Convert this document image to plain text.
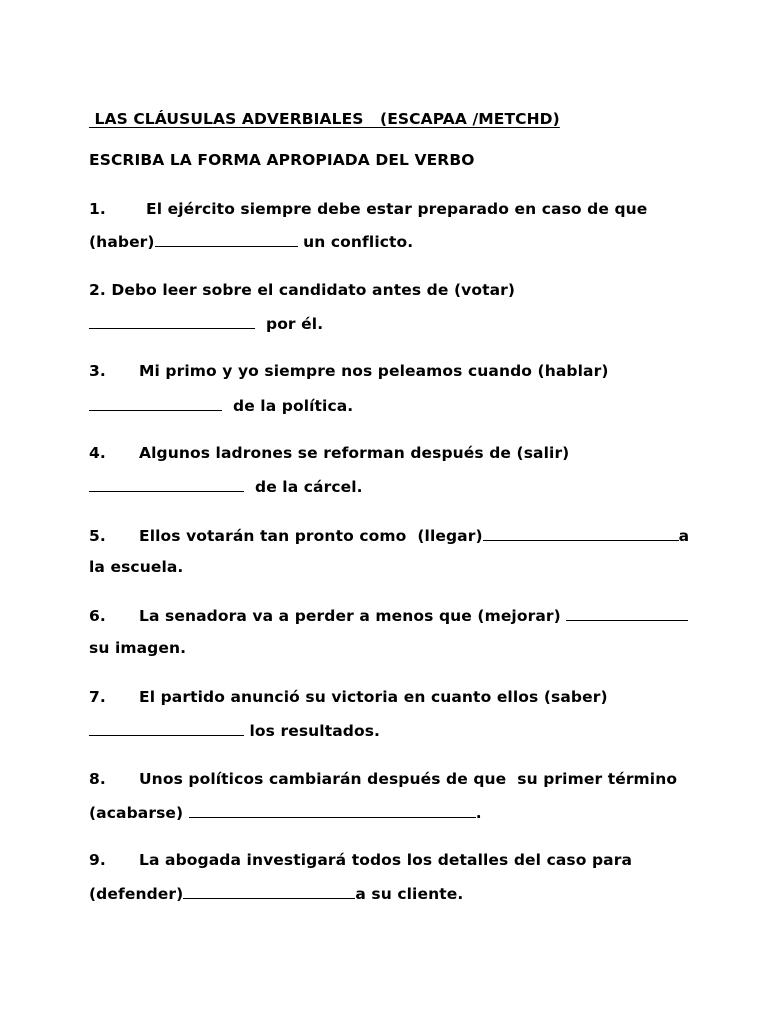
LAS CLÁUSULAS ADVERBIALES   (ESCAPAA /METCHD)
ESCRIBA LA FORMA APROPIADA DEL VERBO
1.	El ejército siempre debe estar preparado en caso de que
(haber)	un conflicto.
2. Debo leer sobre el candidato antes de (votar)
por él.
3. Mi primo y yo siempre nos peleamos cuando (hablar)
de la política.
4. Algunos ladrones se reforman después de (salir)
de la cárcel.
5. Ellos votarán tan pronto como  (llegar)	a
la escuela.
6. La senadora va a perder a menos que (mejorar)
su imagen.
7. El partido anunció su victoria en cuanto ellos (saber)
los resultados.
8. Unos políticos cambiarán después de que  su primer término
(acabarse)	.
9. La abogada investigará todos los detalles del caso para
(defender)	a su cliente.
